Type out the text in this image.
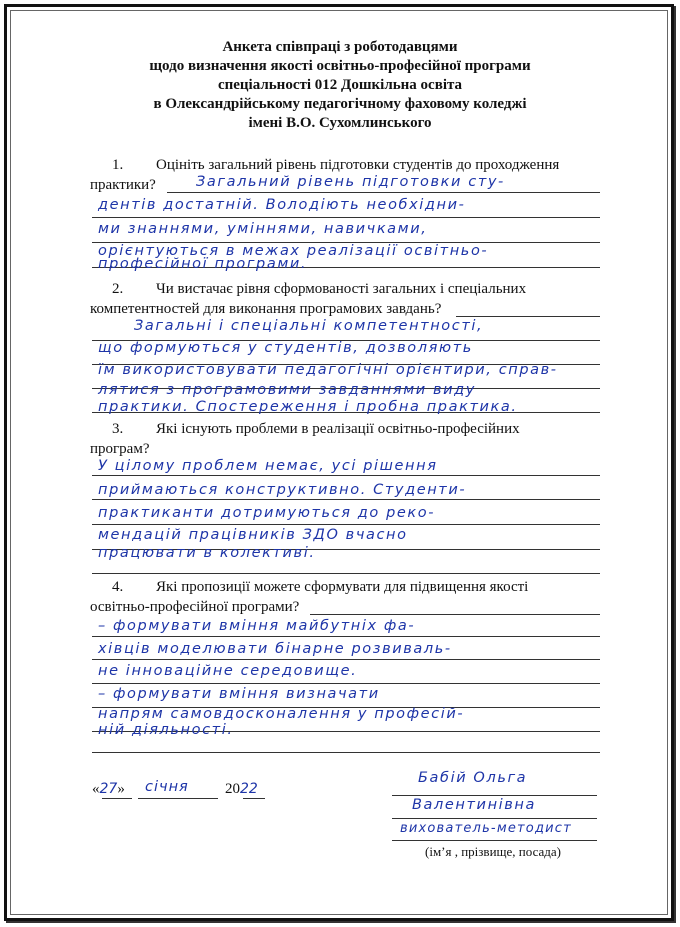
Анкета співпраці з роботодавцями
щодо визначення якості освітньо-професійної програми
спеціальності 012 Дошкільна освіта
в Олександрійському педагогічному фаховому коледжі
імені В.О. Сухомлинського
1. Оцініть загальний рівень підготовки студентів до проходження
практики?	Загальний рівень підготовки сту-
дентів достатній. Володіють необхідни-
ми знаннями, уміннями, навичками,
орієнтуються в межах реалізації освітньо-
професійної програми.
2. Чи вистачає рівня сформованості загальних і спеціальних
компетентностей для виконання програмових завдань?
Загальні і спеціальні компетентності,
що формуються у студентів, дозволяють
їм використовувати педагогічні орієнтири, справ-
лятися з програмовими завданнями виду
практики. Спостереження і пробна практика.
3. Які існують проблеми в реалізації освітньо-професійних
програм?
У цілому проблем немає, усі рішення
приймаються конструктивно. Студенти-
практиканти дотримуються до реко-
мендацій працівників ЗДО вчасно
працювати в колективі.
4. Які пропозиції можете сформувати для підвищення якості
освітньо-професійної програми?
– формувати вміння майбутніх фа-
хівців моделювати бінарне розвиваль-
не інноваційне середовище.
– формувати вміння визначати
напрям самовдосконалення у професій-
ній діяльності.
«27» січня 2022
Бабій Ольга
Валентинівна
вихователь-методист
(ім’я , прізвище, посада)
